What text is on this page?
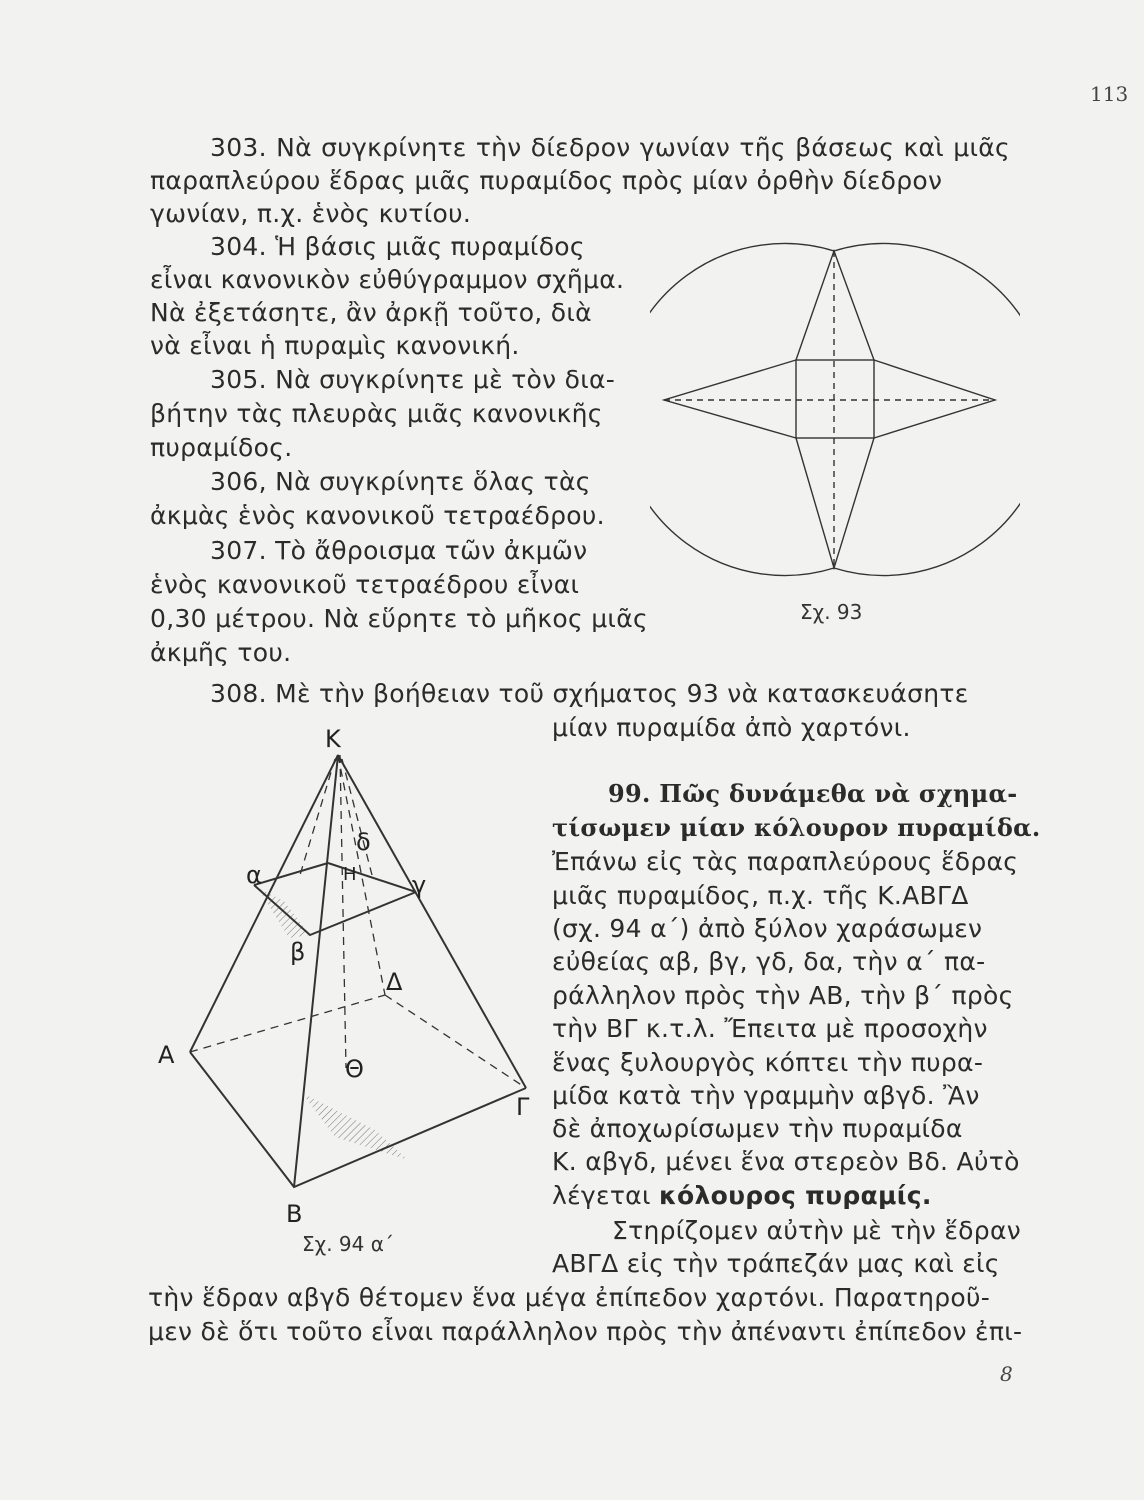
113
303. Νὰ συγκρίνητε τὴν δίεδρον γωνίαν τῆς βάσεως καὶ μιᾶς
παραπλεύρου ἕδρας μιᾶς πυραμίδος πρὸς μίαν ὀρθὴν δίεδρον
γωνίαν, π.χ. ἑνὸς κυτίου.
304. Ἡ βάσις μιᾶς πυραμίδος
εἶναι κανονικὸν εὐθύγραμμον σχῆμα.
Νὰ ἐξετάσητε, ἂν ἀρκῇ τοῦτο, διὰ
νὰ εἶναι ἡ πυραμὶς κανονική.
305. Νὰ συγκρίνητε μὲ τὸν δια-
βήτην τὰς πλευρὰς μιᾶς κανονικῆς
πυραμίδος.
306, Νὰ συγκρίνητε ὅλας τὰς
ἀκμὰς ἑνὸς κανονικοῦ τετραέδρου.
307. Τὸ ἄθροισμα τῶν ἀκμῶν
ἑνὸς κανονικοῦ τετραέδρου εἶναι
0,30 μέτρου. Νὰ εὕρητε τὸ μῆκος μιᾶς
ἀκμῆς του.
308. Μὲ τὴν βοήθειαν τοῦ σχήματος 93 νὰ κατασκευάσητε
μίαν πυραμίδα ἀπὸ χαρτόνι.
Σχ. 93
Κ
Α
Β
Γ
Δ
Θ
α
β
γ
δ
Η
Σχ. 94 α΄
99. Πῶς δυνάμεθα νὰ σχημα-
τίσωμεν μίαν κόλουρον πυραμίδα.
Ἐπάνω εἰς τὰς παραπλεύρους ἕδρας
μιᾶς πυραμίδος, π.χ. τῆς Κ.ΑΒΓΔ
(σχ. 94 α΄) ἀπὸ ξύλον χαράσωμεν
εὐθείας αβ, βγ, γδ, δα, τὴν α΄ πα-
ράλληλον πρὸς τὴν ΑΒ, τὴν β΄ πρὸς
τὴν ΒΓ κ.τ.λ. Ἔπειτα μὲ προσοχὴν
ἕνας ξυλουργὸς κόπτει τὴν πυρα-
μίδα κατὰ τὴν γραμμὴν αβγδ. Ἂν
δὲ ἀποχωρίσωμεν τὴν πυραμίδα
Κ. αβγδ, μένει ἕνα στερεὸν Βδ. Αὐτὸ
λέγεται κόλουρος πυραμίς.
Στηρίζομεν αὐτὴν μὲ τὴν ἕδραν
ΑΒΓΔ εἰς τὴν τράπεζάν μας καὶ εἰς
τὴν ἕδραν αβγδ θέτομεν ἕνα μέγα ἐπίπεδον χαρτόνι. Παρατηροῦ-
μεν δὲ ὅτι τοῦτο εἶναι παράλληλον πρὸς τὴν ἀπέναντι ἐπίπεδον ἐπι-
8
